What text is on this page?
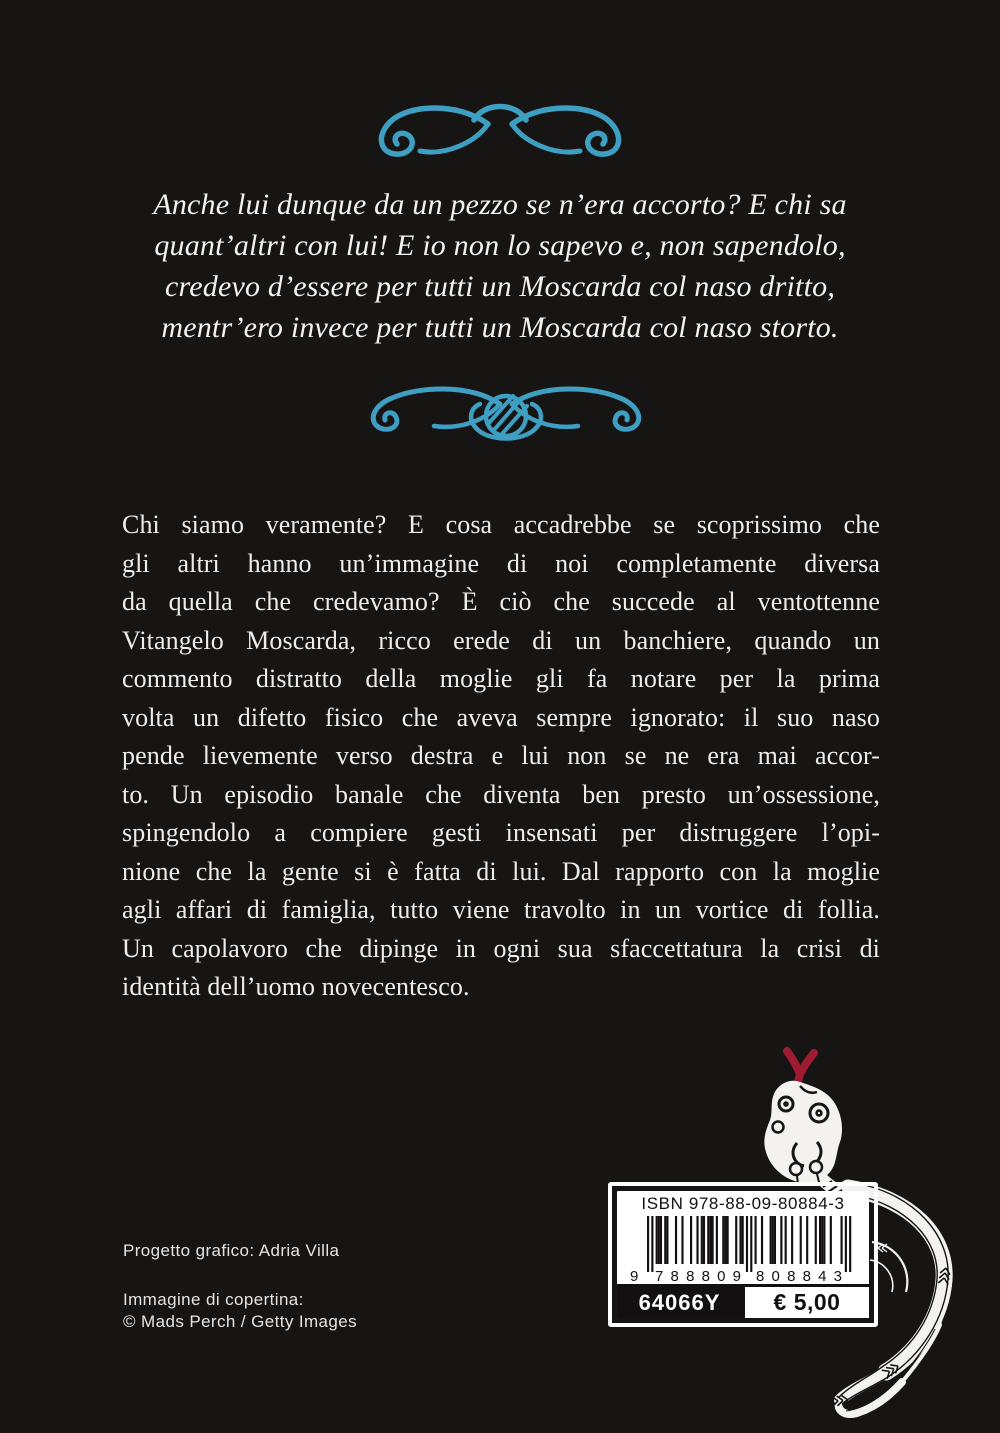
Anche lui dunque da un pezzo se n’era accorto? E chi sa
quant’altri con lui! E io non lo sapevo e, non sapendolo,
credevo d’essere per tutti un Moscarda col naso dritto,
mentr’ero invece per tutti un Moscarda col naso storto.
Chi siamo veramente? E cosa accadrebbe se scoprissimo che
gli altri hanno un’immagine di noi completamente diversa
da quella che credevamo? È ciò che succede al ventottenne
Vitangelo Moscarda, ricco erede di un banchiere, quando un
commento distratto della moglie gli fa notare per la prima
volta un difetto fisico che aveva sempre ignorato: il suo naso
pende lievemente verso destra e lui non se ne era mai accor-
to. Un episodio banale che diventa ben presto un’ossessione,
spingendolo a compiere gesti insensati per distruggere l’opi-
nione che la gente si è fatta di lui. Dal rapporto con la moglie
agli affari di famiglia, tutto viene travolto in un vortice di follia.
Un capolavoro che dipinge in ogni sua sfaccettatura la crisi di
identità dell’uomo novecentesco.
Progetto grafico: Adria Villa
Immagine di copertina:
© Mads Perch / Getty Images
ISBN 978-88-09-80884-3
9 788809 808843
64066Y	€ 5,00
